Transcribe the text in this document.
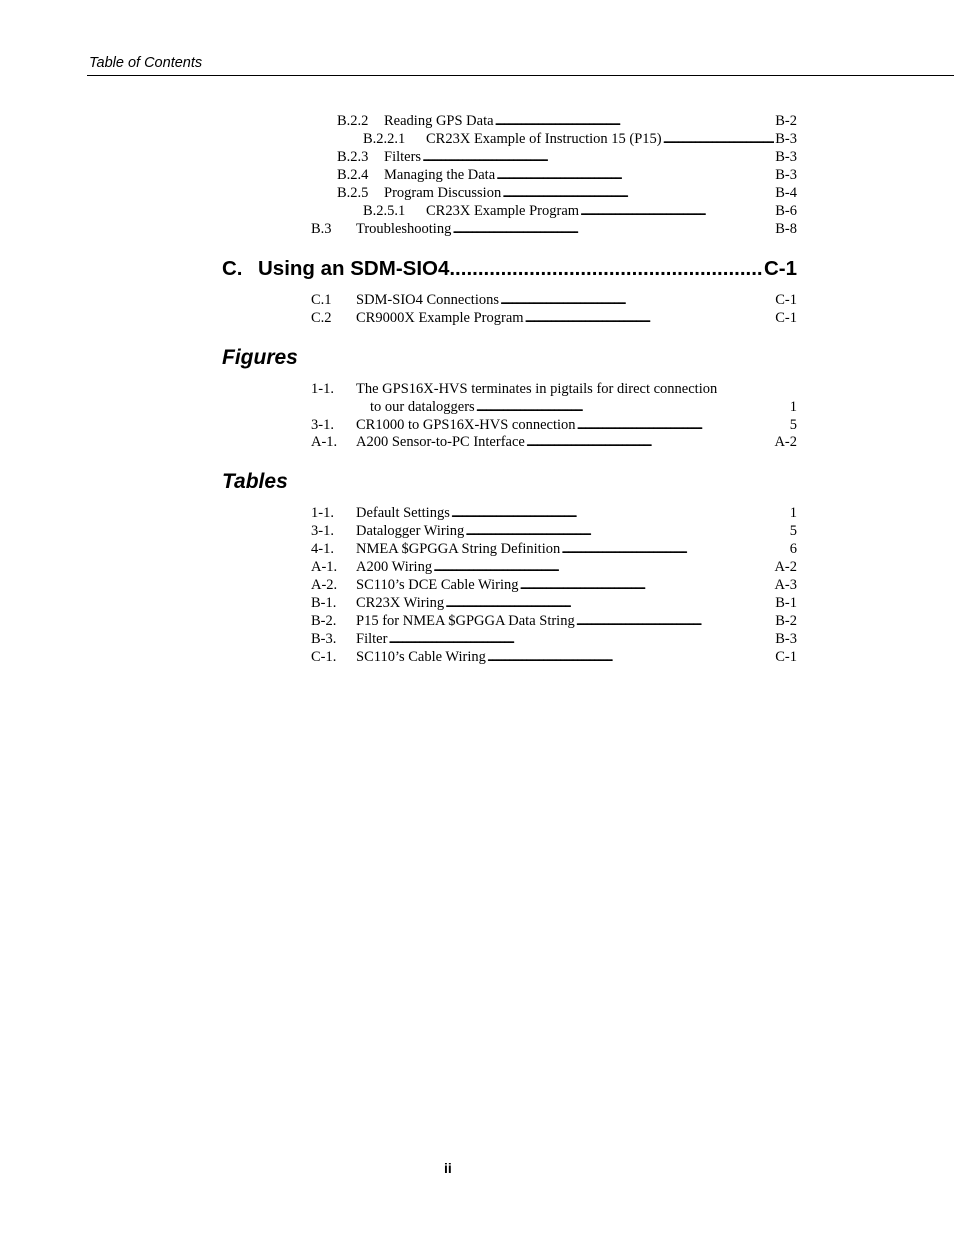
Table of Contents
B.2.2 Reading GPS Data . . .	B-2
B.2.2.1 CR23X Example of Instruction 15 (P15) . . .	B-3
B.2.3 Filters . . .	B-3
B.2.4 Managing the Data . . .	B-3
B.2.5 Program Discussion . . .	B-4
B.2.5.1 CR23X Example Program . . .	B-6
B.3 Troubleshooting . . .	B-8
C. Using an SDM-SIO4 .....	C-1
C.1 SDM-SIO4 Connections . . .	C-1
C.2 CR9000X Example Program . . .	C-1
Figures
1-1. The GPS16X-HVS terminates in pigtails for direct connection
to our dataloggers . . .	1
3-1. CR1000 to GPS16X-HVS connection . . .	5
A-1. A200 Sensor-to-PC Interface . . .	A-2
Tables
1-1. Default Settings . . .	1
3-1. Datalogger Wiring . . .	5
4-1. NMEA $GPGGA String Definition . . .	6
A-1. A200 Wiring . . .	A-2
A-2. SC110’s DCE Cable Wiring . . .	A-3
B-1. CR23X Wiring . . .	B-1
B-2. P15 for NMEA $GPGGA Data String . . .	B-2
B-3. Filter . . .	B-3
C-1. SC110’s Cable Wiring . . .	C-1
ii
